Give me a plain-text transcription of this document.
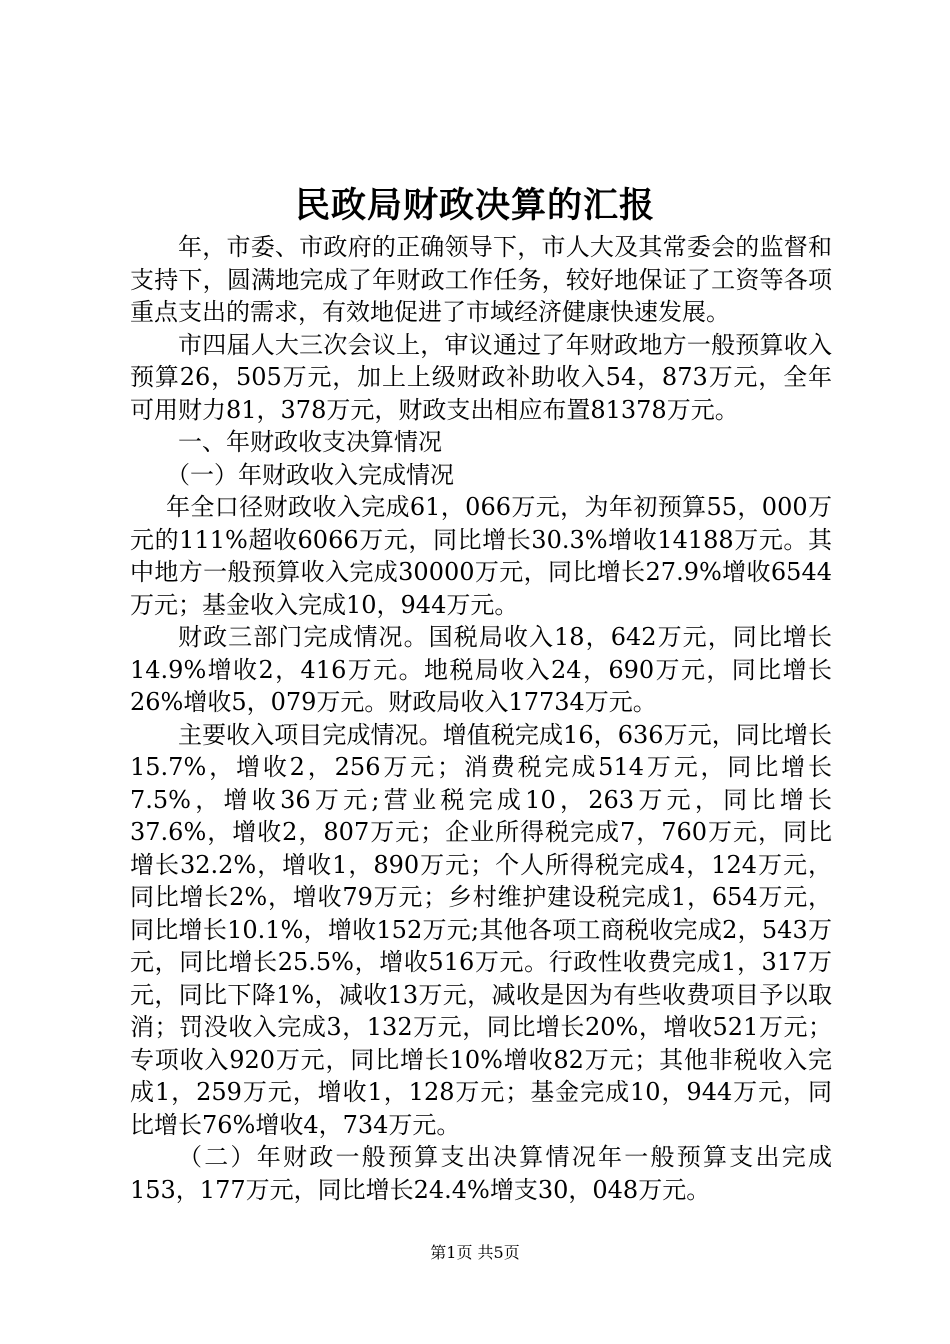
民政局财政决算的汇报

年，市委、市政府的正确领导下，市人大及其常委会的监督和支持下，圆满地完成了年财政工作任务，较好地保证了工资等各项重点支出的需求，有效地促进了市域经济健康快速发展。

市四届人大三次会议上，审议通过了年财政地方一般预算收入预算26，505万元，加上上级财政补助收入54，873万元，全年可用财力81，378万元，财政支出相应布置81378万元。

一、年财政收支决算情况

（一）年财政收入完成情况

年全口径财政收入完成61，066万元，为年初预算55，000万元的111%超收6066万元，同比增长30.3%增收14188万元。其中地方一般预算收入完成30000万元，同比增长27.9%增收6544万元；基金收入完成10，944万元。

财政三部门完成情况。国税局收入18，642万元，同比增长14.9%增收2，416万元。地税局收入24，690万元，同比增长26%增收5，079万元。财政局收入17734万元。

主要收入项目完成情况。增值税完成16，636万元，同比增长15.7%，增收2，256万元；消费税完成514万元，同比增长7.5%，增收36万元;营业税完成10，263万元，同比增长37.6%，增收2，807万元；企业所得税完成7，760万元，同比增长32.2%，增收1，890万元；个人所得税完成4，124万元，同比增长2%，增收79万元；乡村维护建设税完成1，654万元，同比增长10.1%，增收152万元;其他各项工商税收完成2，543万元，同比增长25.5%，增收516万元。行政性收费完成1，317万元，同比下降1%，减收13万元，减收是因为有些收费项目予以取消；罚没收入完成3，132万元，同比增长20%，增收521万元；专项收入920万元，同比增长10%增收82万元；其他非税收入完成1，259万元，增收1，128万元；基金完成10，944万元，同比增长76%增收4，734万元。

（二）年财政一般预算支出决算情况年一般预算支出完成153，177万元，同比增长24.4%增支30，048万元。

第1页 共5页
